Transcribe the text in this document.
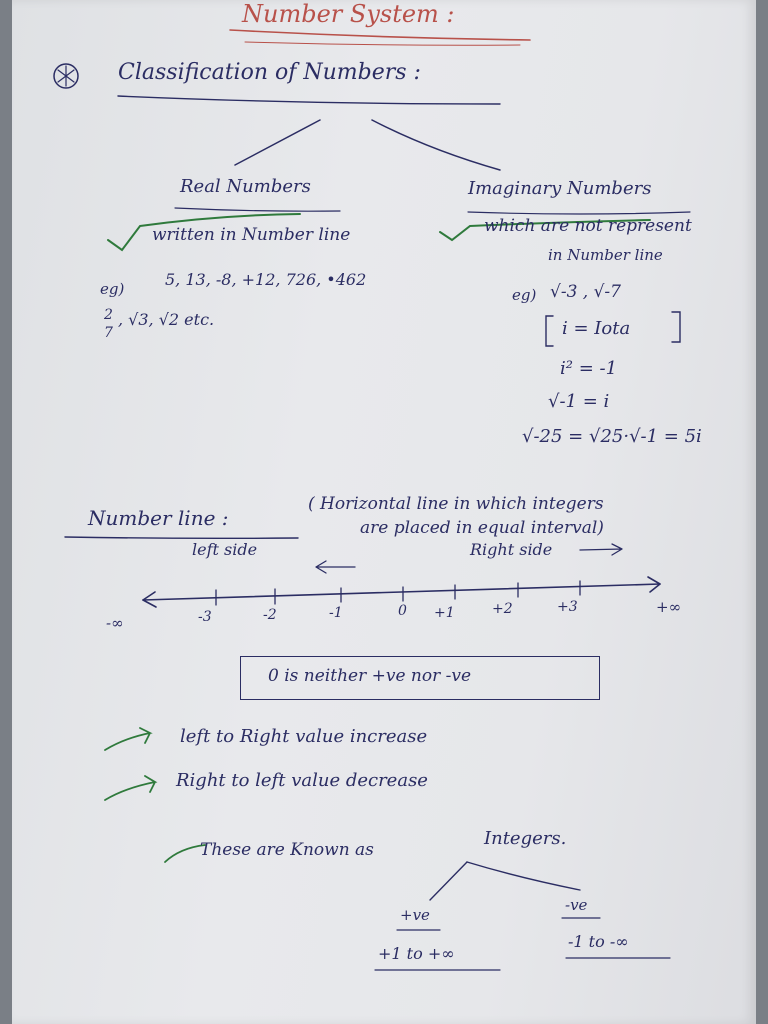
Number System :
Classification of Numbers :
Real Numbers
written in Number line
eg)	5, 13, -8, +12, 726, •462
2
7
, √3, √2 etc.
Imaginary Numbers
which are not represent
in Number line
eg) √-3 , √-7
i = Iota
i² = -1
√-1 = i
√-25 = √25·√-1 = 5i
Number line :
( Horizontal line in which integers
are placed in equal interval)
left side	Right side
-∞	-3	-2	-1	0 +1	+2	+3	+∞
0 is neither +ve nor -ve
left to Right value increase
Right to left value decrease
These are Known as
Integers.
+ve
-ve
+1 to +∞
-1 to -∞
